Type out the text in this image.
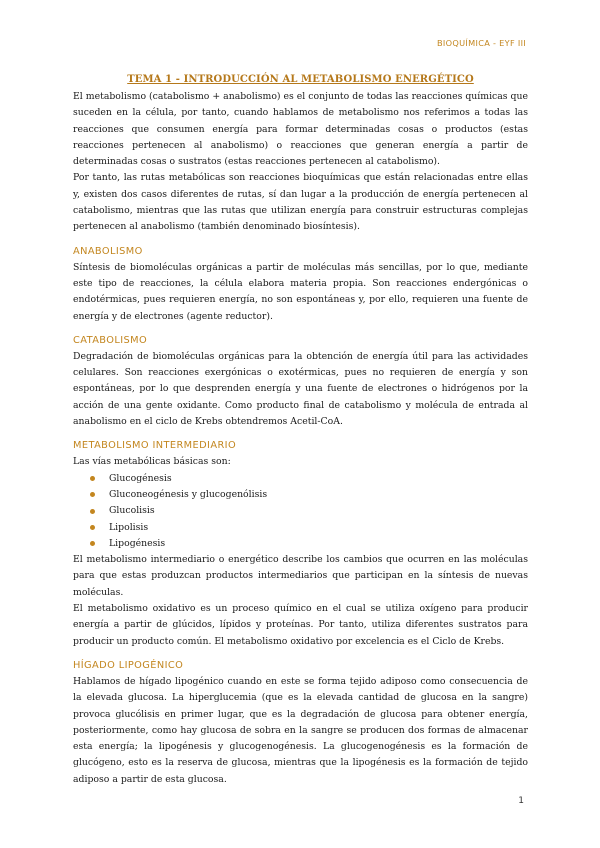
BIOQUÍMICA - EYF III
TEMA 1 - INTRODUCCIÓN AL METABOLISMO ENERGÉTICO

El metabolismo (catabolismo + anabolismo) es el conjunto de todas las reacciones químicas que suceden en la célula, por tanto, cuando hablamos de metabolismo nos referimos a todas las reacciones que consumen energía para formar determinadas cosas o productos (estas reacciones pertenecen al anabolismo) o reacciones que generan energía a partir de determinadas cosas o sustratos (estas reacciones pertenecen al catabolismo).

Por tanto, las rutas metabólicas son reacciones bioquímicas que están relacionadas entre ellas y, existen dos casos diferentes de rutas, sí dan lugar a la producción de energía pertenecen al catabolismo, mientras que las rutas que utilizan energía para construir estructuras complejas pertenecen al anabolismo (también denominado biosíntesis).

ANABOLISMO

Síntesis de biomoléculas orgánicas a partir de moléculas más sencillas, por lo que, mediante este tipo de reacciones, la célula elabora materia propia. Son reacciones endergónicas o endotérmicas, pues requieren energía, no son espontáneas y, por ello, requieren una fuente de energía y de electrones (agente reductor).

CATABOLISMO

Degradación de biomoléculas orgánicas para la obtención de energía útil para las actividades celulares. Son reacciones exergónicas o exotérmicas, pues no requieren de energía y son espontáneas, por lo que desprenden energía y una fuente de electrones o hidrógenos por la acción de una gente oxidante. Como producto final de catabolismo y molécula de entrada al anabolismo en el ciclo de Krebs obtendremos Acetil-CoA.

METABOLISMO INTERMEDIARIO

Las vías metabólicas básicas son:

Glucogénesis
Gluconeogénesis y glucogenólisis
Glucolisis
Lipolisis
Lipogénesis

El metabolismo intermediario o energético describe los cambios que ocurren en las moléculas para que estas produzcan productos intermediarios que participan en la síntesis de nuevas moléculas.

El metabolismo oxidativo es un proceso químico en el cual se utiliza oxígeno para producir energía a partir de glúcidos, lípidos y proteínas. Por tanto, utiliza diferentes sustratos para producir un producto común. El metabolismo oxidativo por excelencia es el Ciclo de Krebs.

HÍGADO LIPOGÉNICO

Hablamos de hígado lipogénico cuando en este se forma tejido adiposo como consecuencia de la elevada glucosa. La hiperglucemia (que es la elevada cantidad de glucosa en la sangre) provoca glucólisis en primer lugar, que es la degradación de glucosa para obtener energía, posteriormente, como hay glucosa de sobra en la sangre se producen dos formas de almacenar esta energía; la lipogénesis y glucogenogénesis. La glucogenogénesis es la formación de glucógeno, esto es la reserva de glucosa, mientras que la lipogénesis es la formación de tejido adiposo a partir de esta glucosa.

1
